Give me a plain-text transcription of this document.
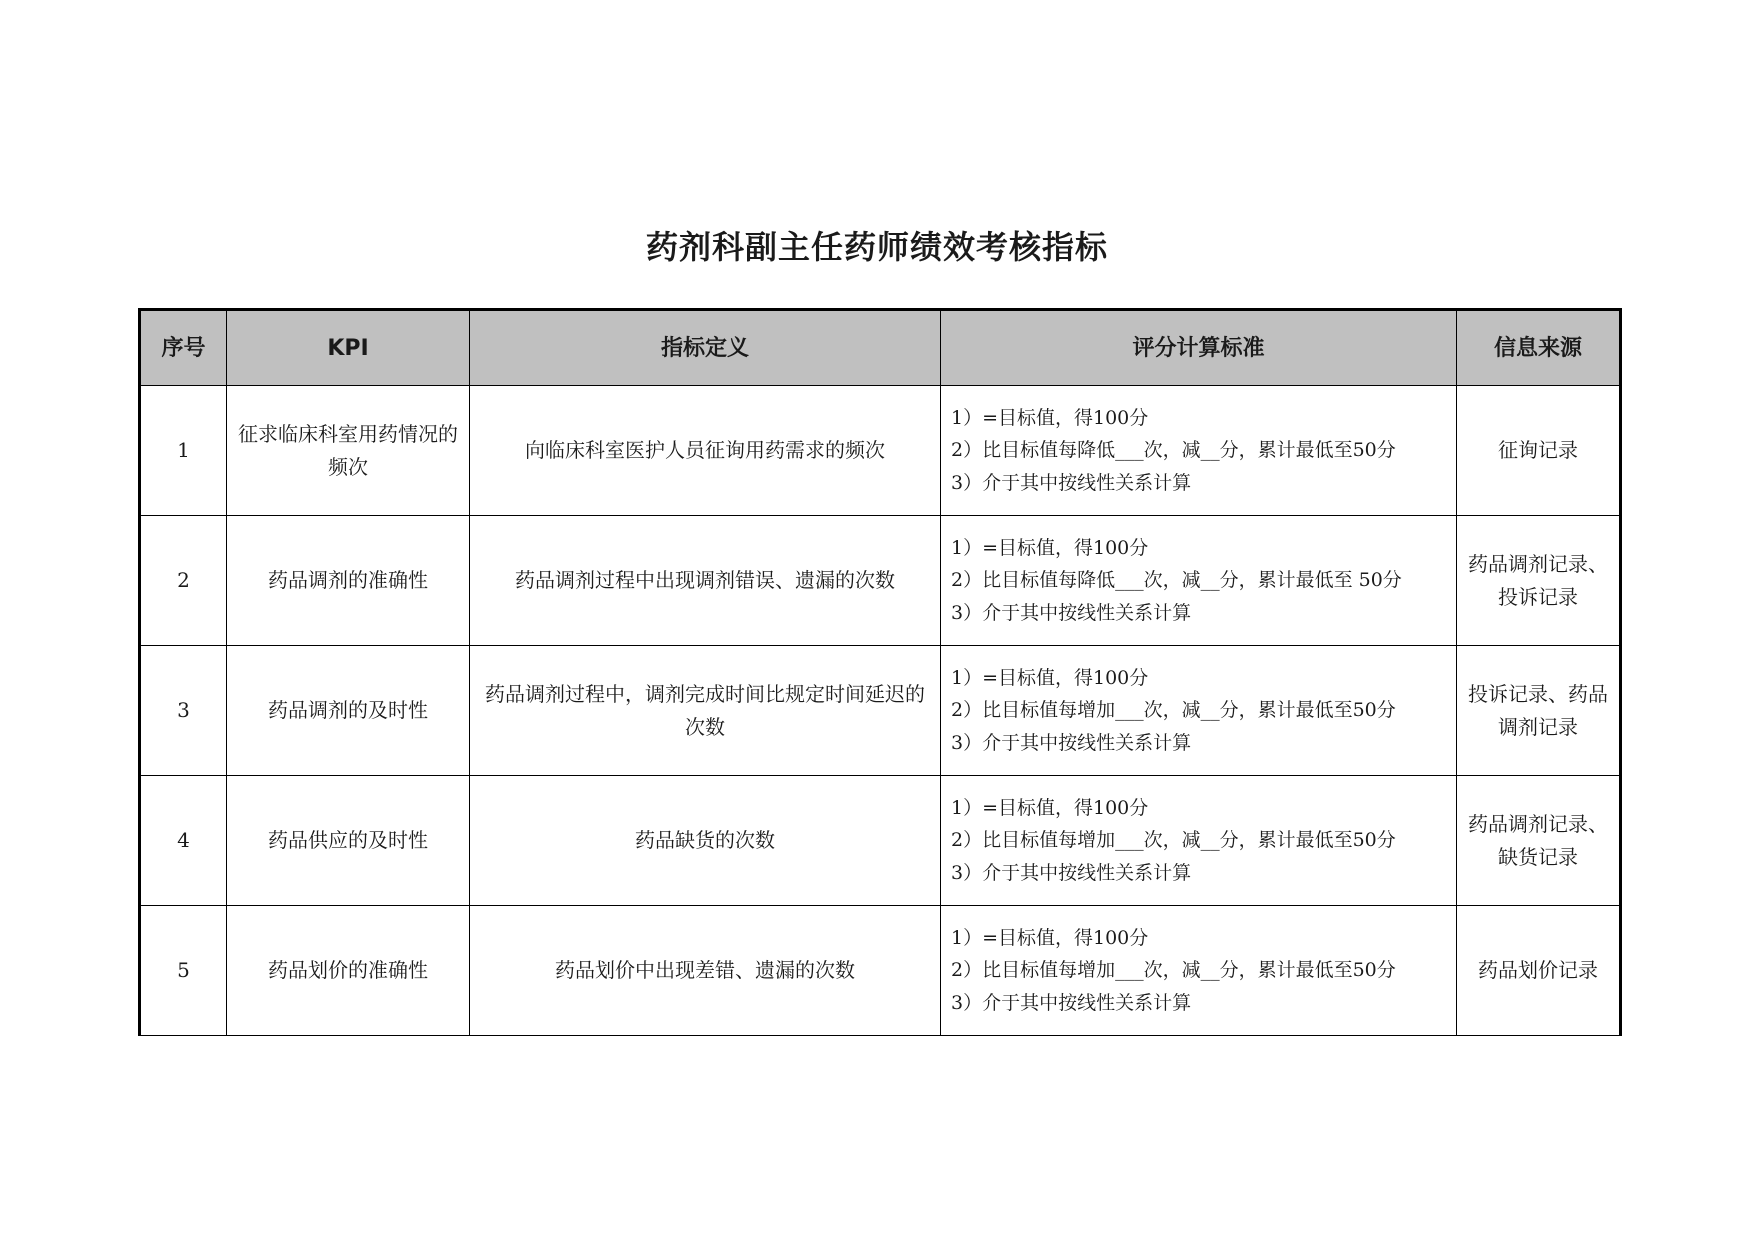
药剂科副主任药师绩效考核指标
序号	KPI	指标定义	评分计算标准	信息来源
1	征求临床科室用药情况的频次	向临床科室医护人员征询用药需求的频次	1）=目标值，得100分
2）比目标值每降低___次，减__分，累计最低至50分
3）介于其中按线性关系计算	征询记录
2	药品调剂的准确性	药品调剂过程中出现调剂错误、遗漏的次数	1）=目标值，得100分
2）比目标值每降低___次，减__分，累计最低至 50分
3）介于其中按线性关系计算	药品调剂记录、投诉记录
3	药品调剂的及时性	药品调剂过程中，调剂完成时间比规定时间延迟的次数	1）=目标值，得100分
2）比目标值每增加___次，减__分，累计最低至50分
3）介于其中按线性关系计算	投诉记录、药品调剂记录
4	药品供应的及时性	药品缺货的次数	1）=目标值，得100分
2）比目标值每增加___次，减__分，累计最低至50分
3）介于其中按线性关系计算	药品调剂记录、缺货记录
5	药品划价的准确性	药品划价中出现差错、遗漏的次数	1）=目标值，得100分
2）比目标值每增加___次，减__分，累计最低至50分
3）介于其中按线性关系计算	药品划价记录
